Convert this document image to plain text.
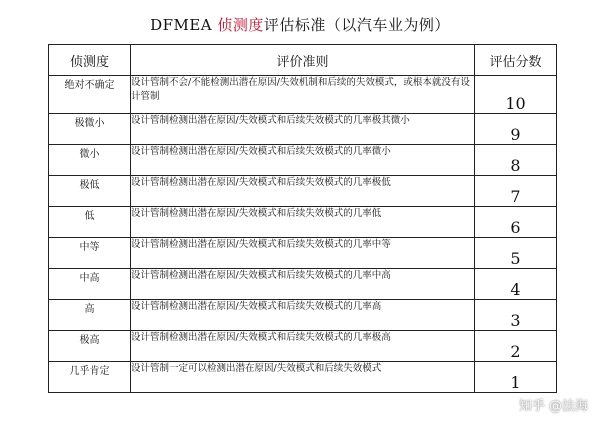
DFMEA 侦测度评估标准（以汽车业为例）
侦测度	评价准则	评估分数
绝对不确定	设计管制不会/不能检测出潜在原因/失效机制和后续的失效模式，或根本就没有设计管制	10
极微小	设计管制检测出潜在原因/失效模式和后续失效模式的几率极其微小	9
微小	设计管制检测出潜在原因/失效模式和后续失效模式的几率微小	8
极低	设计管制检测出潜在原因/失效模式和后续失效模式的几率极低	7
低	设计管制检测出潜在原因/失效模式和后续失效模式的几率低	6
中等	设计管制检测出潜在原因/失效模式和后续失效模式的几率中等	5
中高	设计管制检测出潜在原因/失效模式和后续失效模式的几率中高	4
高	设计管制检测出潜在原因/失效模式和后续失效模式的几率高	3
极高	设计管制检测出潜在原因/失效模式和后续失效模式的几率极高	2
几乎肯定	设计管制一定可以检测出潜在原因/失效模式和后续失效模式	1
知乎 @法海
